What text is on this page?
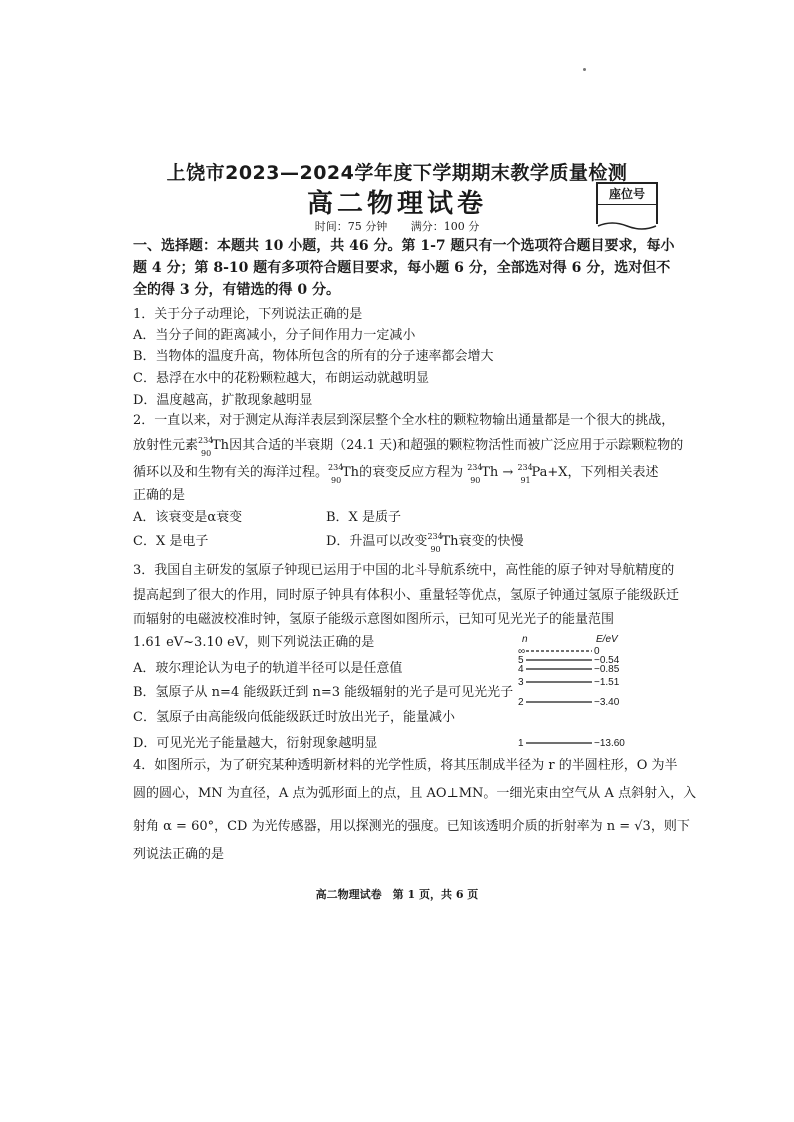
上饶市2023—2024学年度下学期期末教学质量检测
高二物理试卷	座位号
时间：75 分钟 满分：100 分
一、选择题：本题共 10 小题，共 46 分。第 1-7 题只有一个选项符合题目要求，每小
题 4 分；第 8-10 题有多项符合题目要求，每小题 6 分，全部选对得 6 分，选对但不
全的得 3 分，有错选的得 0 分。
1．关于分子动理论，下列说法正确的是
A．当分子间的距离减小，分子间作用力一定减小
B．当物体的温度升高，物体所包含的所有的分子速率都会增大
C．悬浮在水中的花粉颗粒越大，布朗运动就越明显
D．温度越高，扩散现象越明显
2．一直以来，对于测定从海洋表层到深层整个全水柱的颗粒物输出通量都是一个很大的挑战，
放射性元素 234
90
Th因其合适的半衰期（24.1 天)和超强的颗粒物活性而被广泛应用于示踪颗粒物的
循环以及和生物有关的海洋过程。 234
90
Th的衰变反应方程为 234
90
Th → 234
91
Pa+X，下列相关表述
正确的是
A．该衰变是α衰变	B．X 是质子
C．X 是电子	D．升温可以改变 234
90
Th衰变的快慢
3．我国自主研发的氢原子钟现已运用于中国的北斗导航系统中，高性能的原子钟对导航精度的
提高起到了很大的作用，同时原子钟具有体积小、重量轻等优点，氢原子钟通过氢原子能级跃迁
而辐射的电磁波校准时钟，氢原子能级示意图如图所示，已知可见光光子的能量范围
1.61 eV~3.10 eV，则下列说法正确的是
A．玻尔理论认为电子的轨道半径可以是任意值
B．氢原子从 n=4 能级跃迁到 n=3 能级辐射的光子是可见光光子
C．氢原子由高能级向低能级跃迁时放出光子，能量减小
D．可见光光子能量越大，衍射现象越明显
n	E/eV
∞	0
5	−0.54
4	−0.85
3	−1.51
2	−3.40
1	−13.60
4．如图所示，为了研究某种透明新材料的光学性质，将其压制成半径为 r 的半圆柱形，O 为半
圆的圆心，MN 为直径，A 点为弧形面上的点，且 AO⊥MN。一细光束由空气从 A 点斜射入，入
射角 α = 60°，CD 为光传感器，用以探测光的强度。已知该透明介质的折射率为 n = √3，则下
列说法正确的是
高二物理试卷　第 1 页，共 6 页
